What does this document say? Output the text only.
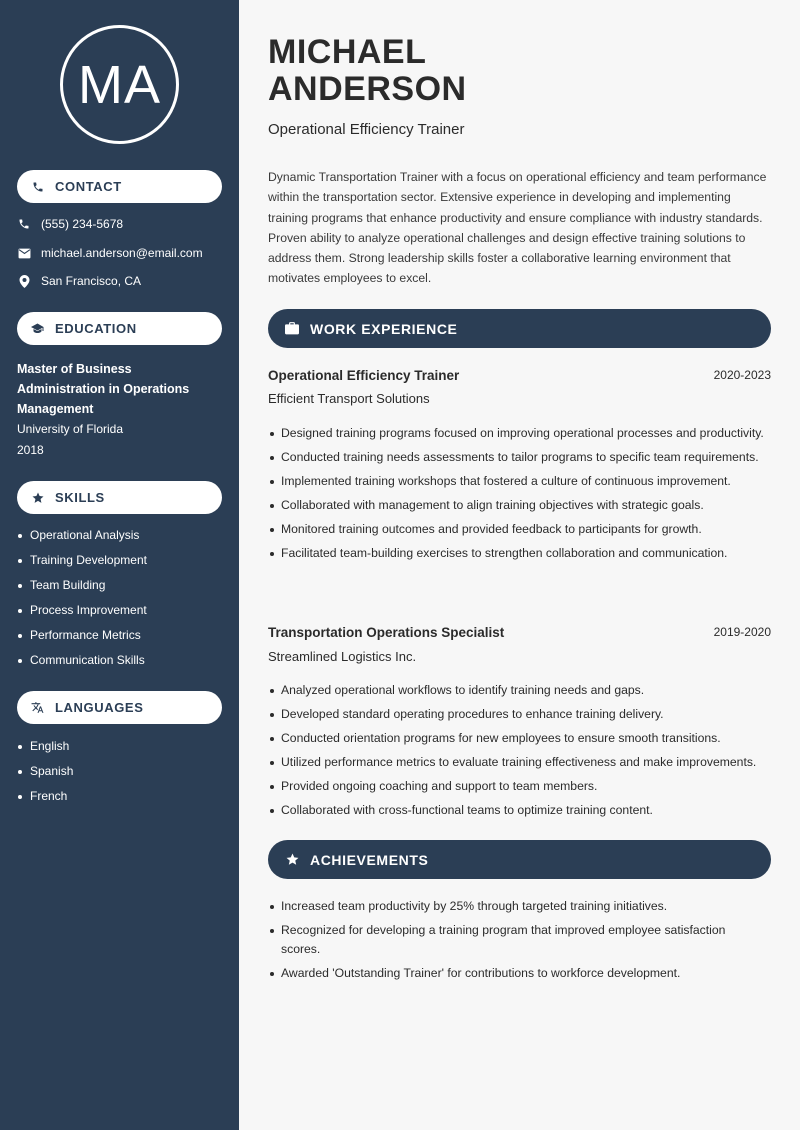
MA
CONTACT
(555) 234-5678
michael.anderson@email.com
San Francisco, CA
EDUCATION
Master of Business Administration in Operations Management
University of Florida
2018
SKILLS
Operational Analysis
Training Development
Team Building
Process Improvement
Performance Metrics
Communication Skills
LANGUAGES
English
Spanish
French
MICHAEL
ANDERSON
Operational Efficiency Trainer

Dynamic Transportation Trainer with a focus on operational efficiency and team performance within the transportation sector. Extensive experience in developing and implementing training programs that enhance productivity and ensure compliance with industry standards. Proven ability to analyze operational challenges and design effective training solutions to address them. Strong leadership skills foster a collaborative learning environment that motivates employees to excel.

WORK EXPERIENCE
Operational Efficiency Trainer	2020-2023
Efficient Transport Solutions
Designed training programs focused on improving operational processes and productivity.
Conducted training needs assessments to tailor programs to specific team requirements.
Implemented training workshops that fostered a culture of continuous improvement.
Collaborated with management to align training objectives with strategic goals.
Monitored training outcomes and provided feedback to participants for growth.
Facilitated team-building exercises to strengthen collaboration and communication.
Transportation Operations Specialist	2019-2020
Streamlined Logistics Inc.
Analyzed operational workflows to identify training needs and gaps.
Developed standard operating procedures to enhance training delivery.
Conducted orientation programs for new employees to ensure smooth transitions.
Utilized performance metrics to evaluate training effectiveness and make improvements.
Provided ongoing coaching and support to team members.
Collaborated with cross-functional teams to optimize training content.
ACHIEVEMENTS
Increased team productivity by 25% through targeted training initiatives.
Recognized for developing a training program that improved employee satisfaction scores.
Awarded 'Outstanding Trainer' for contributions to workforce development.
